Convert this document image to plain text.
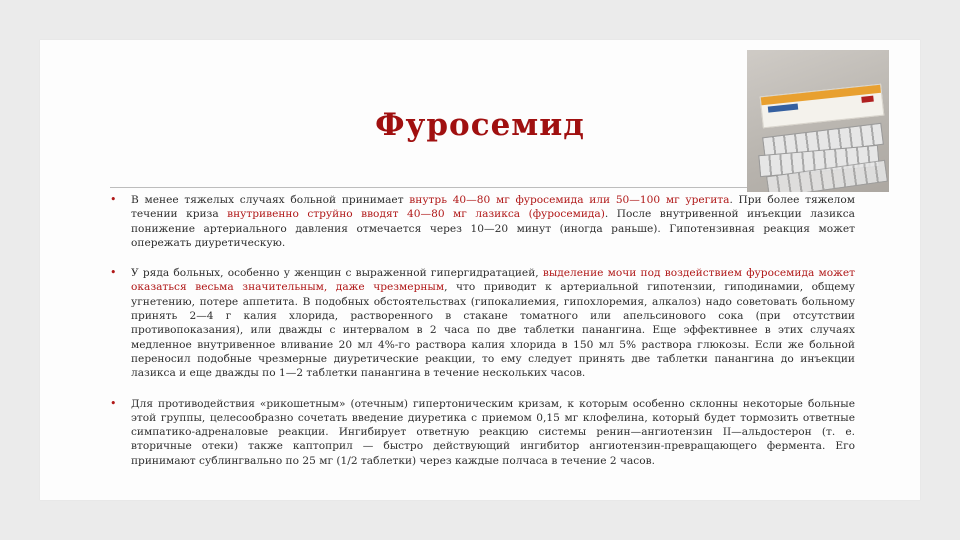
Фуросемид

• В менее тяжелых случаях больной принимает внутрь 40—80 мг фуросемида или 50—100 мг урегита. При более тяжелом течении криза внутривенно струйно вводят 40—80 мг лазикса (фуросемида). После внутривенной инъекции лазикса понижение артериального давления отмечается через 10—20 минут (иногда раньше). Гипотензивная реакция может опережать диуретическую.

• У ряда больных, особенно у женщин с выраженной гипергидратацией, выделение мочи под воздействием фуросемида может оказаться весьма значительным, даже чрезмерным, что приводит к артериальной гипотензии, гиподинамии, общему угнетению, потере аппетита. В подобных обстоятельствах (гипокалиемия, гипохлоремия, алкалоз) надо советовать больному принять 2—4 г калия хлорида, растворенного в стакане томатного или апельсинового сока (при отсутствии противопоказания), или дважды с интервалом в 2 часа по две таблетки панангина. Еще эффективнее в этих случаях медленное внутривенное вливание 20 мл 4%-го раствора калия хлорида в 150 мл 5% раствора глюкозы. Если же больной переносил подобные чрезмерные диуретические реакции, то ему следует принять две таблетки панангина до инъекции лазикса и еще дважды по 1—2 таблетки панангина в течение нескольких часов.

• Для противодействия «рикошетным» (отечным) гипертоническим кризам, к которым особенно склонны некоторые больные этой группы, целесообразно сочетать введение диуретика с приемом 0,15 мг клофелина, который будет тормозить ответные симпатико-адреналовые реакции. Ингибирует ответную реакцию системы ренин—ангиотензин II—альдостерон (т. е. вторичные отеки) также каптоприл — быстро действующий ингибитор ангиотензин-превращающего фермента. Его принимают сублингвально по 25 мг (1/2 таблетки) через каждые полчаса в течение 2 часов.
